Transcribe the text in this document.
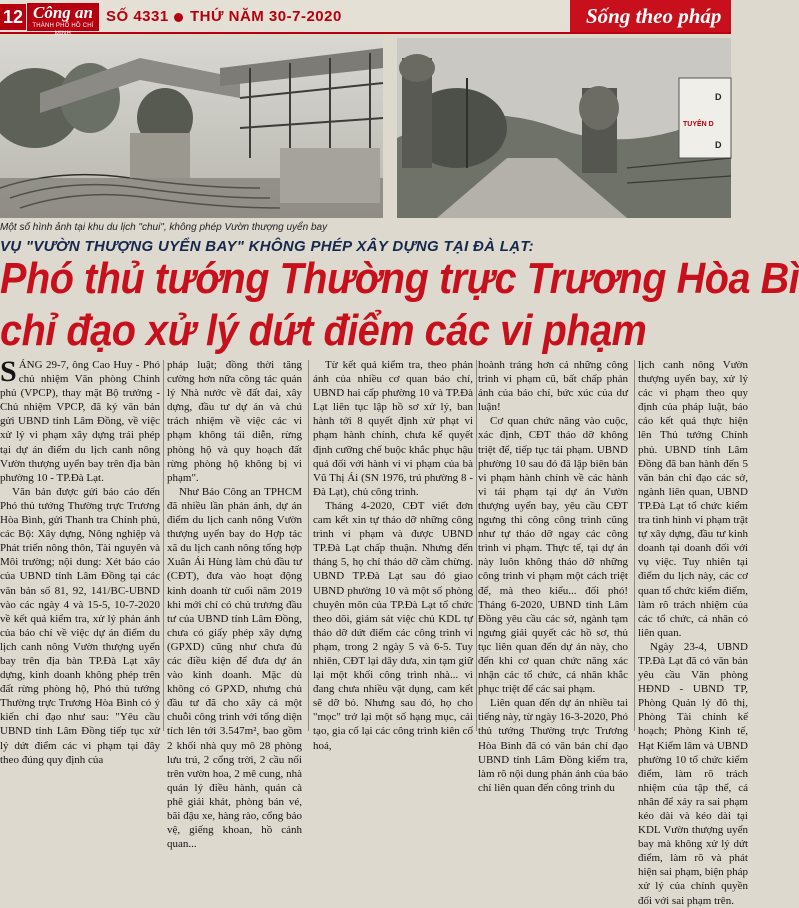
12 Công an
THÀNH PHỐ HỒ CHÍ MINH
SỐ 4331 THỨ NĂM 30-7-2020	Sống theo pháp
D
TUYÊN D
D
Một số hình ảnh tại khu du lịch "chui", không phép Vườn thượng uyển bay
VỤ "VƯỜN THƯỢNG UYỂN BAY" KHÔNG PHÉP XÂY DỰNG TẠI ĐÀ LẠT:
Phó thủ tướng Thường trực Trương Hòa Bì
chỉ đạo xử lý dứt điểm các vi phạm

SÁNG 29-7, ông Cao Huy - Phó chủ nhiệm Văn phòng Chính phủ (VPCP), thay mặt Bộ trưởng - Chủ nhiệm VPCP, đã ký văn bản gửi UBND tỉnh Lâm Đồng, về việc xử lý vi phạm xây dựng trái phép tại dự án điểm du lịch canh nông Vườn thượng uyển bay trên địa bàn phường 10 - TP.Đà Lạt.

Văn bản được gửi báo cáo đến Phó thủ tướng Thường trực Trương Hòa Bình, gửi Thanh tra Chính phủ, các Bộ: Xây dựng, Nông nghiệp và Phát triển nông thôn, Tài nguyên và Môi trường; nội dung: Xét báo cáo của UBND tỉnh Lâm Đồng tại các văn bản số 81, 92, 141/BC-UBND vào các ngày 4 và 15-5, 10-7-2020 về kết quả kiểm tra, xử lý phản ánh của báo chí về việc dự án điểm du lịch canh nông Vườn thượng uyển bay trên địa bàn TP.Đà Lạt xây dựng, kinh doanh không phép trên đất rừng phòng hộ, Phó thủ tướng Thường trực Trương Hòa Bình có ý kiến chỉ đạo như sau: "Yêu cầu UBND tỉnh Lâm Đồng tiếp tục xử lý dứt điểm các vi phạm tại đây theo đúng quy định của

pháp luật; đồng thời tăng cường hơn nữa công tác quản lý Nhà nước về đất đai, xây dựng, đầu tư dự án và chú trách nhiệm về việc các vi phạm không tái diễn, rừng phòng hộ và quy hoạch đất rừng phòng hộ không bị vi phạm".

Như Báo Công an TPHCM đã nhiều lần phản ánh, dự án điểm du lịch canh nông Vườn thượng uyển bay do Hợp tác xã du lịch canh nông tổng hợp Xuân Ái Hùng làm chủ đầu tư (CĐT), đưa vào hoạt động kinh doanh từ cuối năm 2019 khi mới chỉ có chủ trương đầu tư của UBND tỉnh Lâm Đồng, chưa có giấy phép xây dựng (GPXD) cũng như chưa đủ các điều kiện để đưa dự án vào kinh doanh. Mặc dù không có GPXD, nhưng chủ đầu tư đã cho xây cả một chuỗi công trình với tổng diện tích lên tới 3.547m², bao gồm 2 khối nhà quy mô 28 phòng lưu trú, 2 cổng trời, 2 cầu nối trên vườn hoa, 2 mê cung, nhà quản lý điều hành, quán cà phê giải khát, phòng bán vé, bãi đậu xe, hàng rào, cổng bảo vệ, giếng khoan, hồ cảnh quan...

Từ kết quả kiểm tra, theo phản ánh của nhiều cơ quan báo chí, UBND hai cấp phường 10 và TP.Đà Lạt liên tục lập hồ sơ xử lý, ban hành tới 8 quyết định xử phạt vi phạm hành chính, chưa kể quyết định cưỡng chế buộc khắc phục hậu quả đối với hành vi vi phạm của bà Vũ Thị Ái (SN 1976, trú phường 8 - Đà Lạt), chủ công trình.

Tháng 4-2020, CĐT viết đơn cam kết xin tự tháo dỡ những công trình vi phạm và được UBND TP.Đà Lạt chấp thuận. Nhưng đến tháng 5, họ chỉ tháo dỡ cầm chừng. UBND TP.Đà Lạt sau đó giao UBND phường 10 và một số phòng chuyên môn của TP.Đà Lạt tổ chức theo dõi, giám sát việc chủ KDL tự tháo dỡ dứt điểm các công trình vi phạm, trong 2 ngày 5 và 6-5. Tuy nhiên, CĐT lại dây dưa, xin tạm giữ lại một khối công trình nhà... vì đang chưa nhiều vật dụng, cam kết sẽ dỡ bỏ. Nhưng sau đó, họ cho "mọc" trở lại một số hạng mục, cải tạo, gia cố lại các công trình kiên cố hoá,

hoành tráng hơn cả những công trình vi phạm cũ, bất chấp phản ánh của báo chí, bức xúc của dư luận!

Cơ quan chức năng vào cuộc, xác định, CĐT tháo dỡ không triệt để, tiếp tục tái phạm. UBND phường 10 sau đó đã lập biên bản vi phạm hành chính về các hành vi tái phạm tại dự án Vườn thượng uyển bay, yêu cầu CĐT ngưng thi công công trình cũng như tự tháo dỡ ngay các công trình vi phạm. Thực tế, tại dự án này luôn không tháo dỡ những công trình vi phạm một cách triệt để, mà theo kiểu... đối phó! Tháng 6-2020, UBND tỉnh Lâm Đồng yêu cầu các sở, ngành tạm ngưng giải quyết các hồ sơ, thủ tục liên quan đến dự án này, cho đến khi cơ quan chức năng xác nhận các tổ chức, cá nhân khắc phục triệt để các sai phạm.

Liên quan đến dự án nhiều tai tiếng này, từ ngày 16-3-2020, Phó thủ tướng Thường trực Trương Hòa Bình đã có văn bản chỉ đạo UBND tỉnh Lâm Đồng kiểm tra, làm rõ nội dung phản ánh của báo chí liên quan đến công trình du

lịch canh nông Vườn thượng uyển bay, xử lý các vi phạm theo quy định của pháp luật, báo cáo kết quả thực hiện lên Thủ tướng Chính phủ. UBND tỉnh Lâm Đồng đã ban hành đến 5 văn bản chỉ đạo các sở, ngành liên quan, UBND TP.Đà Lạt tổ chức kiểm tra tình hình vi phạm trật tự xây dựng, đầu tư kinh doanh tại doanh đối với vụ việc. Tuy nhiên tại điểm du lịch này, các cơ quan tổ chức kiểm điểm, làm rõ trách nhiệm của các tổ chức, cá nhân có liên quan.

Ngày 23-4, UBND TP.Đà Lạt đã có văn bản yêu cầu Văn phòng HĐND - UBND TP, Phòng Quản lý đô thị, Phòng Tài chính kế hoạch; Phòng Kinh tế, Hạt Kiểm lâm và UBND phường 10 tổ chức kiểm điểm, làm rõ trách nhiệm của tập thể, cá nhân để xảy ra sai phạm kéo dài và kéo dài tại KDL Vườn thượng uyển bay mà không xử lý dứt điểm, làm rõ và phát hiện sai phạm, biện pháp xử lý của chính quyền đối với sai phạm trên.
